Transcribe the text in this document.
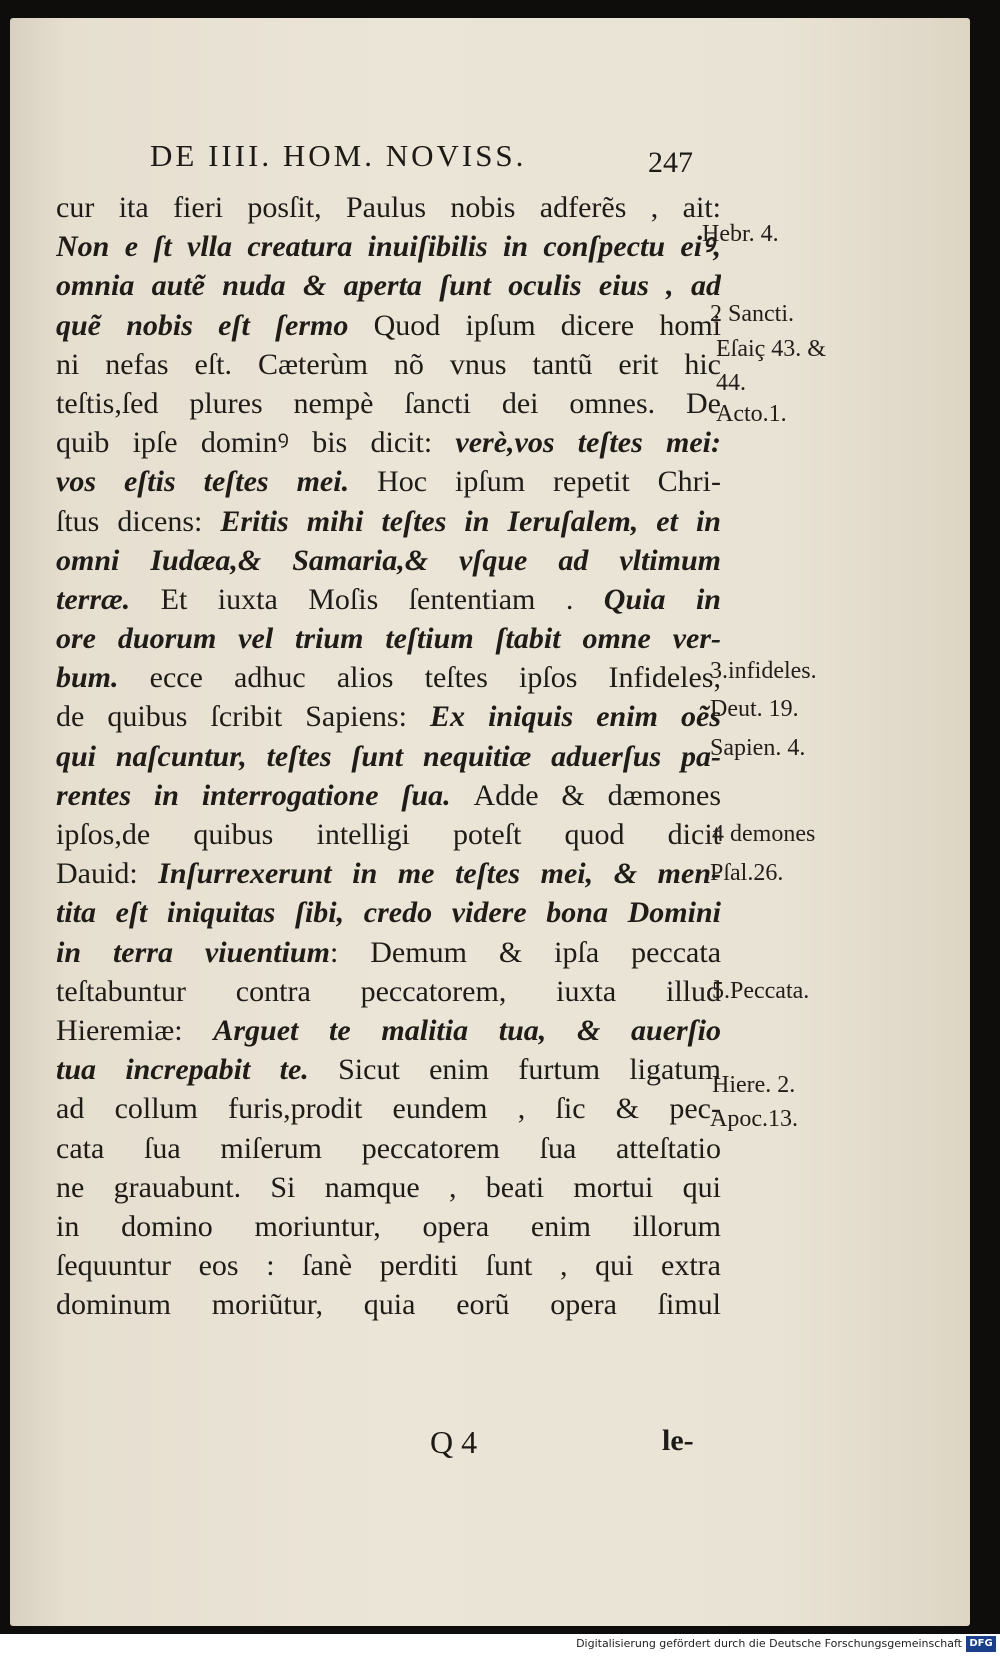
DE IIII. HOM. NOVISS.	247
cur ita fieri posſit, Paulus nobis adferẽs , ait:
Non e ſt vlla creatura inuiſibilis in conſpectu eiꝰ,
omnia autẽ nuda & aperta ſunt oculis eius , ad
quẽ nobis eſt ſermo Quod ipſum dicere homi
ni nefas eſt. Cæterùm nõ vnus tantũ erit hic
teſtis,ſed plures nempè ſancti dei omnes. De
quib ipſe dominꝰ bis dicit: verè,vos teſtes mei:
vos eſtis teſtes mei. Hoc ipſum repetit Chri-
ſtus dicens: Eritis mihi teſtes in Ieruſalem, et in
omni Iudæa,& Samaria,& vſque ad vltimum
terræ. Et iuxta Moſis ſententiam . Quia in
ore duorum vel trium teſtium ſtabit omne ver-
bum. ecce adhuc alios teſtes ipſos Infideles,
de quibus ſcribit Sapiens: Ex iniquis enim oẽs
qui naſcuntur, teſtes ſunt nequitiæ aduerſus pa-
rentes in interrogatione ſua. Adde & dæmones
ipſos,de quibus intelligi poteſt quod dicit
Dauid: Inſurrexerunt in me teſtes mei, & men-
tita eſt iniquitas ſibi, credo videre bona Domini
in terra viuentium: Demum & ipſa peccata
teſtabuntur contra peccatorem, iuxta illud
Hieremiæ: Arguet te malitia tua, & auerſio
tua increpabit te. Sicut enim furtum ligatum
ad collum furis,prodit eundem , ſic & pec-
cata ſua miſerum peccatorem ſua atteſtatio
ne grauabunt. Si namque , beati mortui qui
in domino moriuntur, opera enim illorum
ſequuntur eos : ſanè perditi ſunt , qui extra
dominum moriũtur, quia eorũ opera ſimul
Hebr. 4.
2 Sancti.
Eſaiç 43. &
44.
Acto.1.
3.infideles.
Deut. 19.
Sapien. 4.
4 demones
Pſal.26.
5.Peccata.
Hiere. 2.
Apoc.13.
Q 4	le-
Digitalisierung gefördert durch die Deutsche Forschungsgemeinschaft DFG
